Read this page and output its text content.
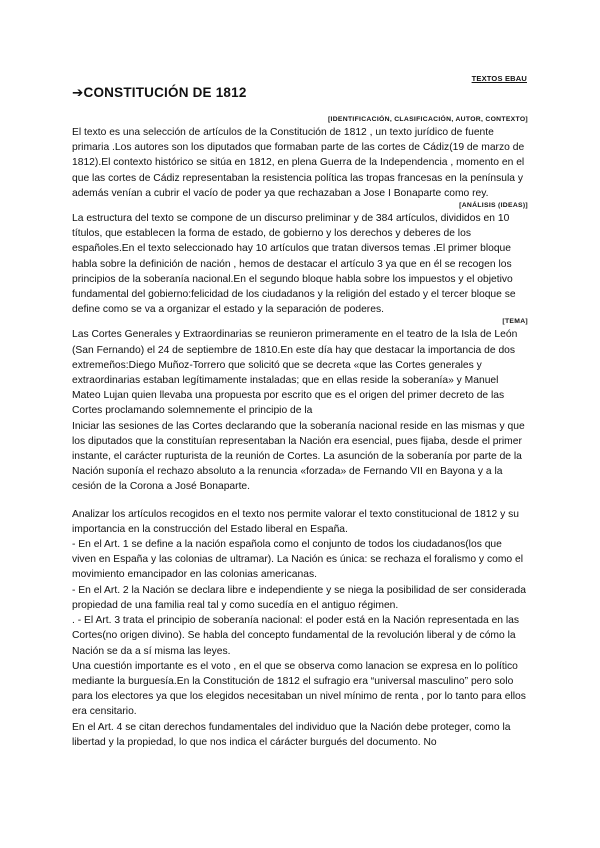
TEXTOS EBAU
➔CONSTITUCIÓN DE 1812
[IDENTIFICACIÓN, CLASIFICACIÓN, AUTOR, CONTEXTO]

El texto es una selección de artículos de la Constitución de 1812 , un texto jurídico de fuente primaria .Los autores son los diputados que formaban parte de las cortes de Cádiz(19 de marzo de 1812).El contexto histórico se sitúa en 1812, en plena Guerra de la Independencia , momento en el que las cortes de Cádiz representaban la resistencia política las tropas francesas en la península y además venían a cubrir el vacío de poder ya que rechazaban a Jose I Bonaparte como rey.

[ANÁLISIS (IDEAS)]

La estructura del texto se compone de un discurso preliminar y de 384 artículos, divididos en 10 títulos, que establecen la forma de estado, de gobierno y los derechos y deberes de los españoles.En el texto seleccionado hay 10 artículos que tratan diversos temas .El primer bloque habla sobre la definición de nación , hemos de destacar el artículo 3 ya que en él se recogen los principios de la soberanía nacional.En el segundo bloque habla sobre los impuestos y el objetivo fundamental del gobierno:felicidad de los ciudadanos y la religión del estado y el tercer bloque se define como se va a organizar el estado y la separación de poderes.

[TEMA]

Las Cortes Generales y Extraordinarias se reunieron primeramente en el teatro de la Isla de León (San Fernando) el 24 de septiembre de 1810.En este día hay que destacar la importancia de dos extremeños:Diego Muñoz-Torrero que solicitó que se decreta «que las Cortes generales y extraordinarias estaban legítimamente instaladas; que en ellas reside la soberanía» y Manuel Mateo Lujan quien llevaba una propuesta por escrito que es el origen del primer decreto de las Cortes proclamando solemnemente el principio de la

Iniciar las sesiones de las Cortes declarando que la soberanía nacional reside en las mismas y que los diputados que la constituían representaban la Nación era esencial, pues fijaba, desde el primer instante, el carácter rupturista de la reunión de Cortes. La asunción de la soberanía por parte de la Nación suponía el rechazo absoluto a la renuncia «forzada» de Fernando VII en Bayona y a la cesión de la Corona a José Bonaparte.

Analizar los artículos recogidos en el texto nos permite valorar el texto constitucional de 1812 y su importancia en la construcción del Estado liberal en España.

- En el Art. 1 se define a la nación española como el conjunto de todos los ciudadanos(los que viven en España y las colonias de ultramar). La Nación es única: se rechaza el foralismo y como el movimiento emancipador en las colonias americanas.

- En el Art. 2 la Nación se declara libre e independiente y se niega la posibilidad de ser considerada propiedad de una familia real tal y como sucedía en el antiguo régimen.

. - El Art. 3 trata el principio de soberanía nacional: el poder está en la Nación representada en las Cortes(no origen divino). Se habla del concepto fundamental de la revolución liberal y de cómo la Nación se da a sí misma las leyes.

Una cuestión importante es el voto , en el que se observa como lanacion se expresa en lo político mediante la burguesía.En la Constitución de 1812 el sufragio era “universal masculino” pero solo para los electores ya que los elegidos necesitaban un nivel mínimo de renta , por lo tanto para ellos era censitario.

En el Art. 4 se citan derechos fundamentales del individuo que la Nación debe proteger, como la libertad y la propiedad, lo que nos indica el cárácter burgués del documento. No
